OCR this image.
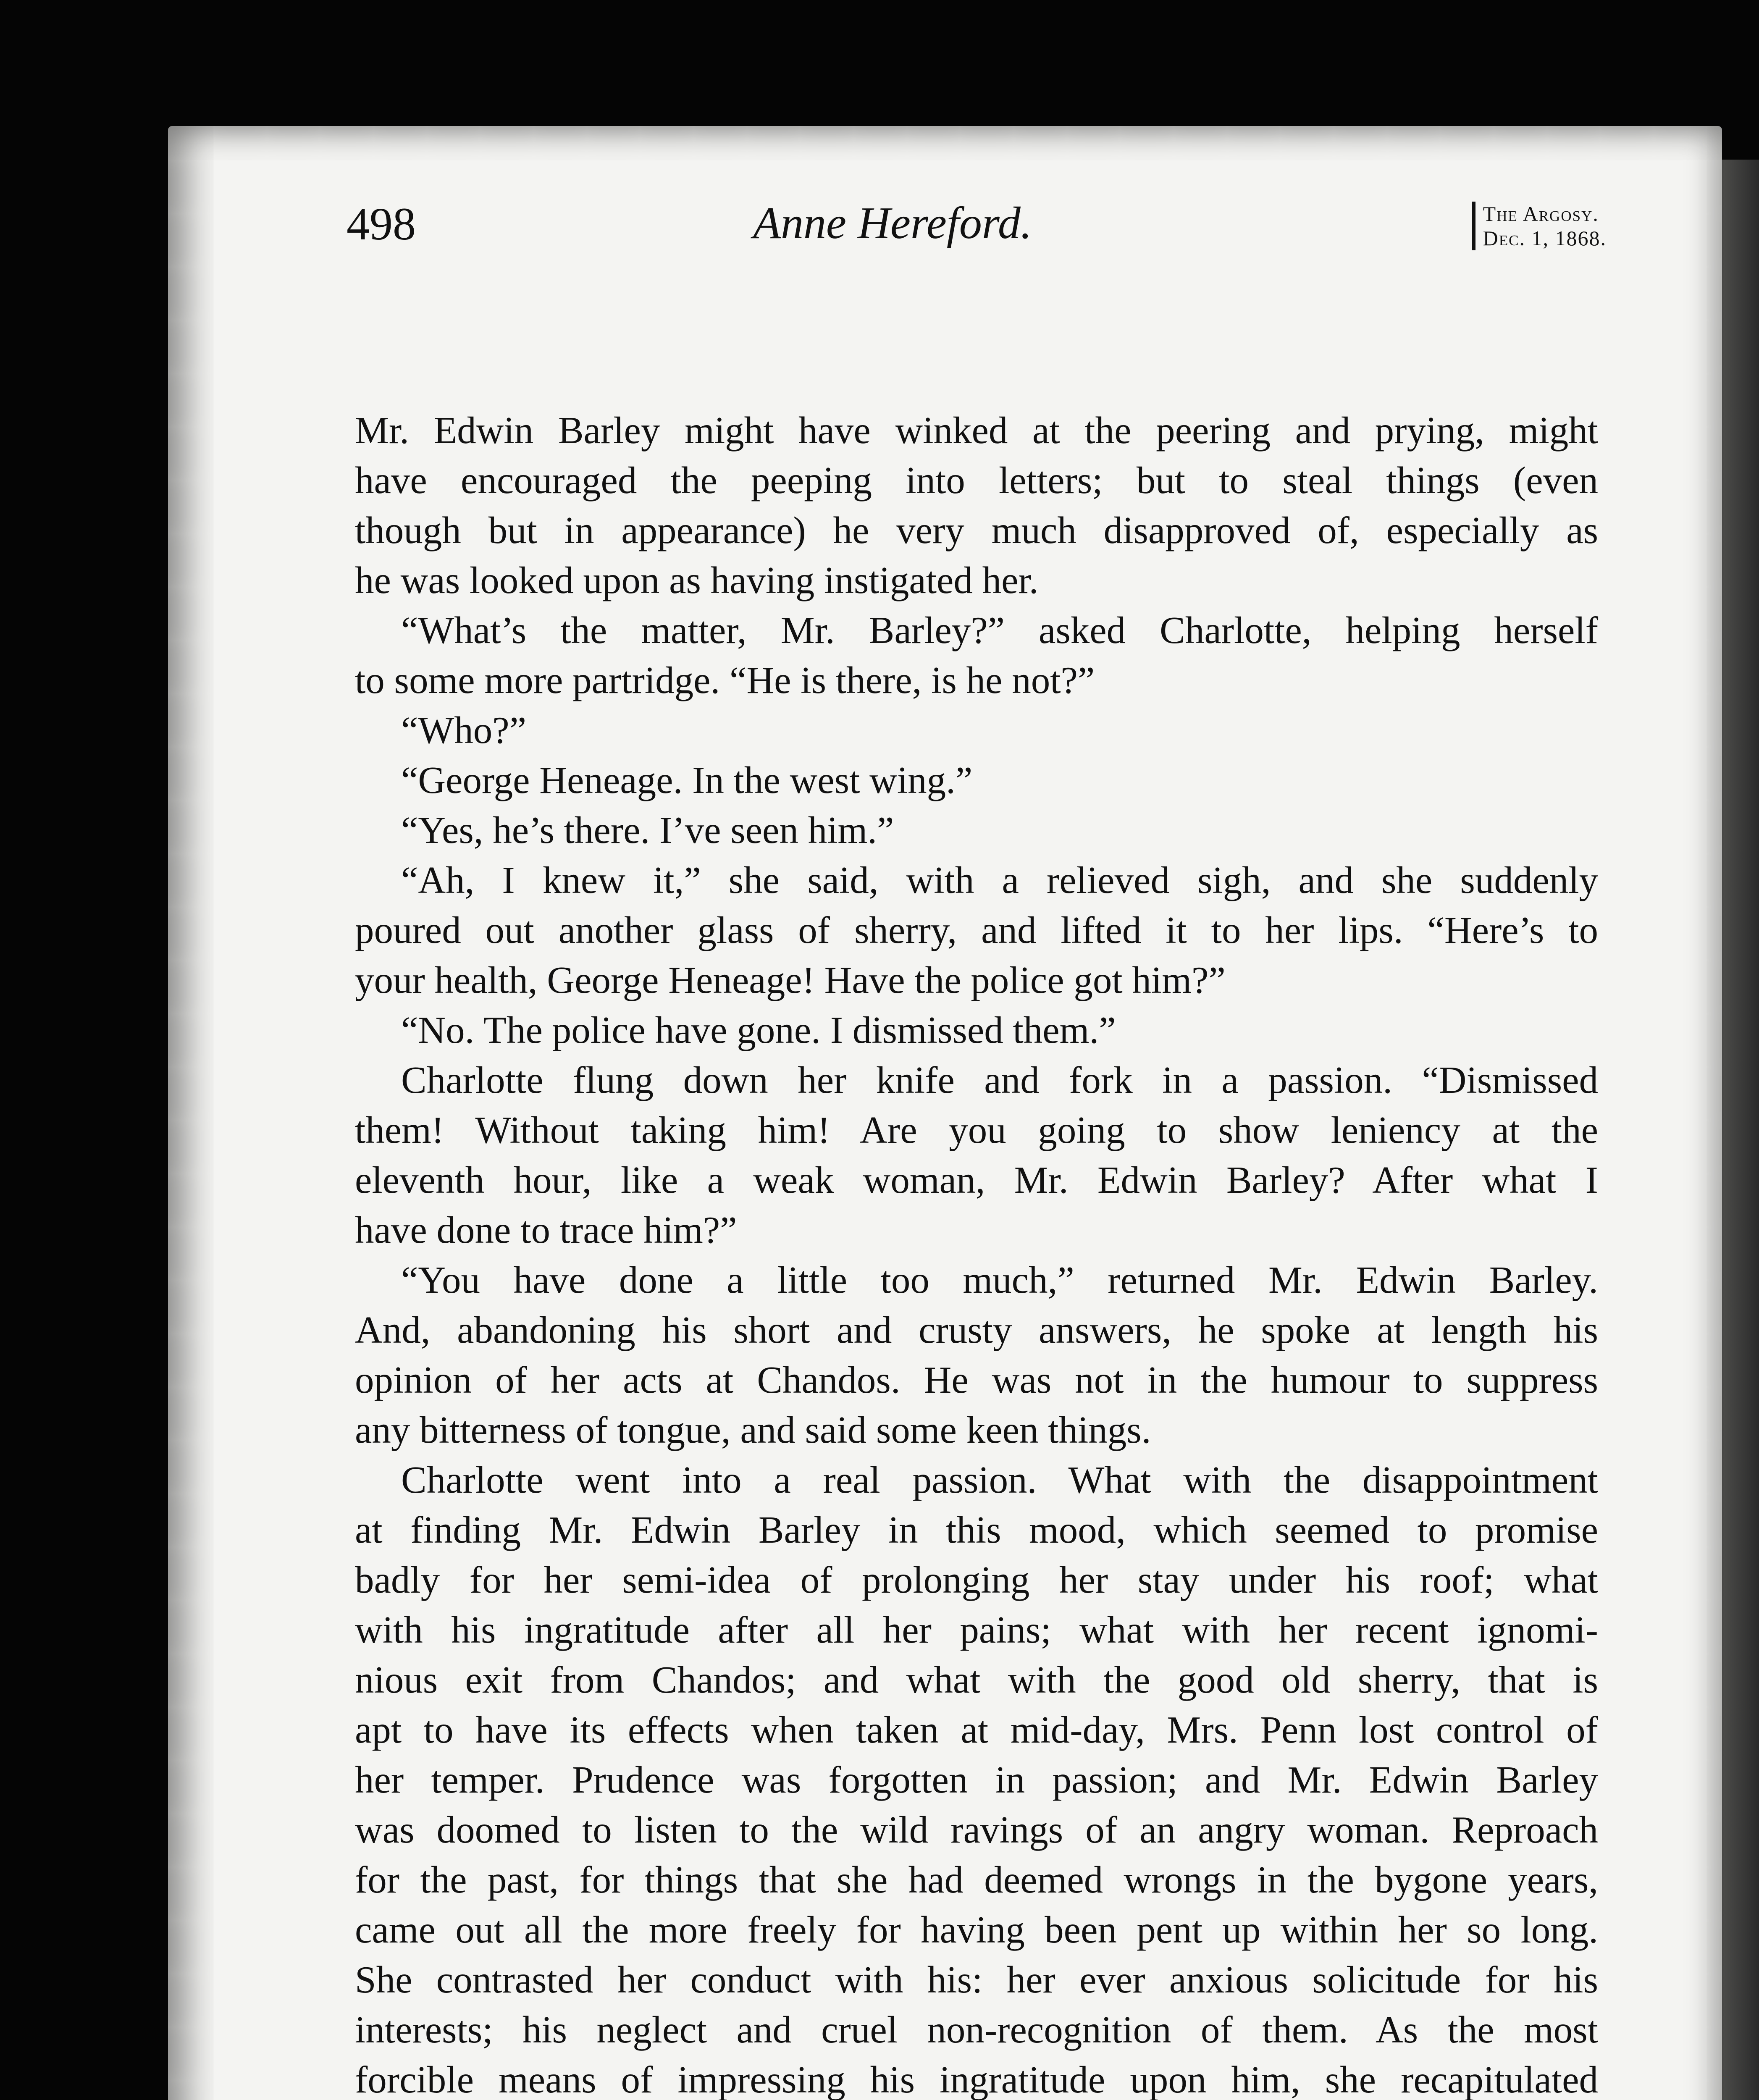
498	Anne Hereford.	The Argosy.
Dec. 1, 1868.
Mr. Edwin Barley might have winked at the peering and prying, might
have encouraged the peeping into letters; but to steal things (even
though but in appearance) he very much disapproved of, especially as
he was looked upon as having instigated her.
“What’s the matter, Mr. Barley?” asked Charlotte, helping herself
to some more partridge. “He is there, is he not?”
“Who?”
“George Heneage. In the west wing.”
“Yes, he’s there. I’ve seen him.”
“Ah, I knew it,” she said, with a relieved sigh, and she suddenly
poured out another glass of sherry, and lifted it to her lips. “Here’s to
your health, George Heneage! Have the police got him?”
“No. The police have gone. I dismissed them.”
Charlotte flung down her knife and fork in a passion. “Dismissed
them! Without taking him! Are you going to show leniency at the
eleventh hour, like a weak woman, Mr. Edwin Barley? After what I
have done to trace him?”
“You have done a little too much,” returned Mr. Edwin Barley.
And, abandoning his short and crusty answers, he spoke at length his
opinion of her acts at Chandos. He was not in the humour to suppress
any bitterness of tongue, and said some keen things.
Charlotte went into a real passion. What with the disappointment
at finding Mr. Edwin Barley in this mood, which seemed to promise
badly for her semi-idea of prolonging her stay under his roof; what
with his ingratitude after all her pains; what with her recent ignomi-
nious exit from Chandos; and what with the good old sherry, that is
apt to have its effects when taken at mid-day, Mrs. Penn lost control of
her temper. Prudence was forgotten in passion; and Mr. Edwin Barley
was doomed to listen to the wild ravings of an angry woman. Reproach
for the past, for things that she had deemed wrongs in the bygone years,
came out all the more freely for having been pent up within her so long.
She contrasted her conduct with his: her ever anxious solicitude for his
interests; his neglect and cruel non-recognition of them. As the most
forcible means of impressing his ingratitude upon him, she recapitulated
